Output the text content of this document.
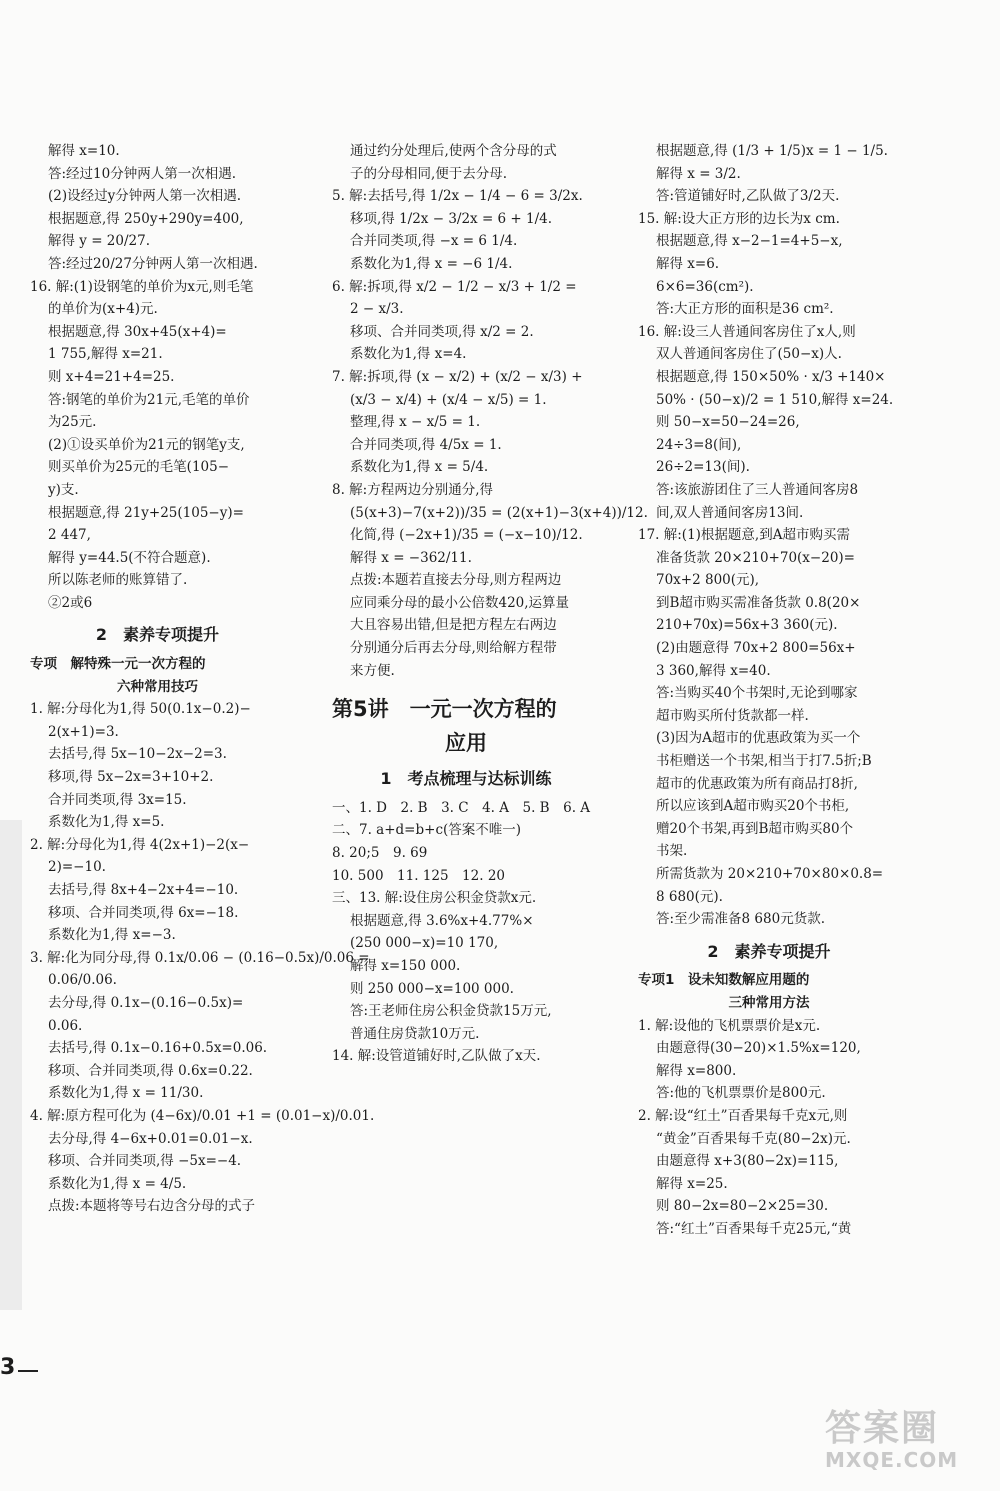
解得 x=10.
答:经过10分钟两人第一次相遇.
(2)设经过y分钟两人第一次相遇.
根据题意,得 250y+290y=400,
解得 y = 20/27.
答:经过20/27分钟两人第一次相遇.
16. 解:(1)设钢笔的单价为x元,则毛笔
的单价为(x+4)元.
根据题意,得 30x+45(x+4)=
1 755,解得 x=21.
则 x+4=21+4=25.
答:钢笔的单价为21元,毛笔的单价
为25元.
(2)①设买单价为21元的钢笔y支,
则买单价为25元的毛笔(105−
y)支.
根据题意,得 21y+25(105−y)=
2 447,
解得 y=44.5(不符合题意).
所以陈老师的账算错了.
②2或6
2　素养专项提升
专项　解特殊一元一次方程的
六种常用技巧
1. 解:分母化为1,得 50(0.1x−0.2)−
2(x+1)=3.
去括号,得 5x−10−2x−2=3.
移项,得 5x−2x=3+10+2.
合并同类项,得 3x=15.
系数化为1,得 x=5.
2. 解:分母化为1,得 4(2x+1)−2(x−
2)=−10.
去括号,得 8x+4−2x+4=−10.
移项、合并同类项,得 6x=−18.
系数化为1,得 x=−3.
3. 解:化为同分母,得 0.1x/0.06 − (0.16−0.5x)/0.06 =
0.06/0.06.
去分母,得 0.1x−(0.16−0.5x)=
0.06.
去括号,得 0.1x−0.16+0.5x=0.06.
移项、合并同类项,得 0.6x=0.22.
系数化为1,得 x = 11/30.
4. 解:原方程可化为 (4−6x)/0.01 +1 = (0.01−x)/0.01.
去分母,得 4−6x+0.01=0.01−x.
移项、合并同类项,得 −5x=−4.
系数化为1,得 x = 4/5.
点拨:本题将等号右边含分母的式子
通过约分处理后,使两个含分母的式
子的分母相同,便于去分母.
5. 解:去括号,得 1/2x − 1/4 − 6 = 3/2x.
移项,得 1/2x − 3/2x = 6 + 1/4.
合并同类项,得 −x = 6 1/4.
系数化为1,得 x = −6 1/4.
6. 解:拆项,得 x/2 − 1/2 − x/3 + 1/2 =
2 − x/3.
移项、合并同类项,得 x/2 = 2.
系数化为1,得 x=4.
7. 解:拆项,得 (x − x/2) + (x/2 − x/3) +
(x/3 − x/4) + (x/4 − x/5) = 1.
整理,得 x − x/5 = 1.
合并同类项,得 4/5x = 1.
系数化为1,得 x = 5/4.
8. 解:方程两边分别通分,得
(5(x+3)−7(x+2))/35 = (2(x+1)−3(x+4))/12.
化简,得 (−2x+1)/35 = (−x−10)/12.
解得 x = −362/11.
点拨:本题若直接去分母,则方程两边
应同乘分母的最小公倍数420,运算量
大且容易出错,但是把方程左右两边
分别通分后再去分母,则给解方程带
来方便.
第5讲　一元一次方程的
应用
1　考点梳理与达标训练
一、1. D　2. B　3. C　4. A　5. B　6. A
二、7. a+d=b+c(答案不唯一)
8. 20;5　9. 69
10. 500　11. 125　12. 20
三、13. 解:设住房公积金贷款x元.
根据题意,得 3.6%x+4.77%×
(250 000−x)=10 170,
解得 x=150 000.
则 250 000−x=100 000.
答:王老师住房公积金贷款15万元,
普通住房贷款10万元.
14. 解:设管道铺好时,乙队做了x天.
根据题意,得 (1/3 + 1/5)x = 1 − 1/5.
解得 x = 3/2.
答:管道铺好时,乙队做了3/2天.
15. 解:设大正方形的边长为x cm.
根据题意,得 x−2−1=4+5−x,
解得 x=6.
6×6=36(cm²).
答:大正方形的面积是36 cm².
16. 解:设三人普通间客房住了x人,则
双人普通间客房住了(50−x)人.
根据题意,得 150×50% · x/3 +140×
50% · (50−x)/2 = 1 510,解得 x=24.
则 50−x=50−24=26,
24÷3=8(间),
26÷2=13(间).
答:该旅游团住了三人普通间客房8
间,双人普通间客房13间.
17. 解:(1)根据题意,到A超市购买需
准备货款 20×210+70(x−20)=
70x+2 800(元),
到B超市购买需准备货款 0.8(20×
210+70x)=56x+3 360(元).
(2)由题意得 70x+2 800=56x+
3 360,解得 x=40.
答:当购买40个书架时,无论到哪家
超市购买所付货款都一样.
(3)因为A超市的优惠政策为买一个
书柜赠送一个书架,相当于打7.5折;B
超市的优惠政策为所有商品打8折,
所以应该到A超市购买20个书柜,
赠20个书架,再到B超市购买80个
书架.
所需货款为 20×210+70×80×0.8=
8 680(元).
答:至少需准备8 680元货款.
2　素养专项提升
专项1　设未知数解应用题的
三种常用方法
1. 解:设他的飞机票票价是x元.
由题意得(30−20)×1.5%x=120,
解得 x=800.
答:他的飞机票票价是800元.
2. 解:设“红土”百香果每千克x元,则
“黄金”百香果每千克(80−2x)元.
由题意得 x+3(80−2x)=115,
解得 x=25.
则 80−2x=80−2×25=30.
答:“红土”百香果每千克25元,“黄
3
答案圈
MXQE.COM
